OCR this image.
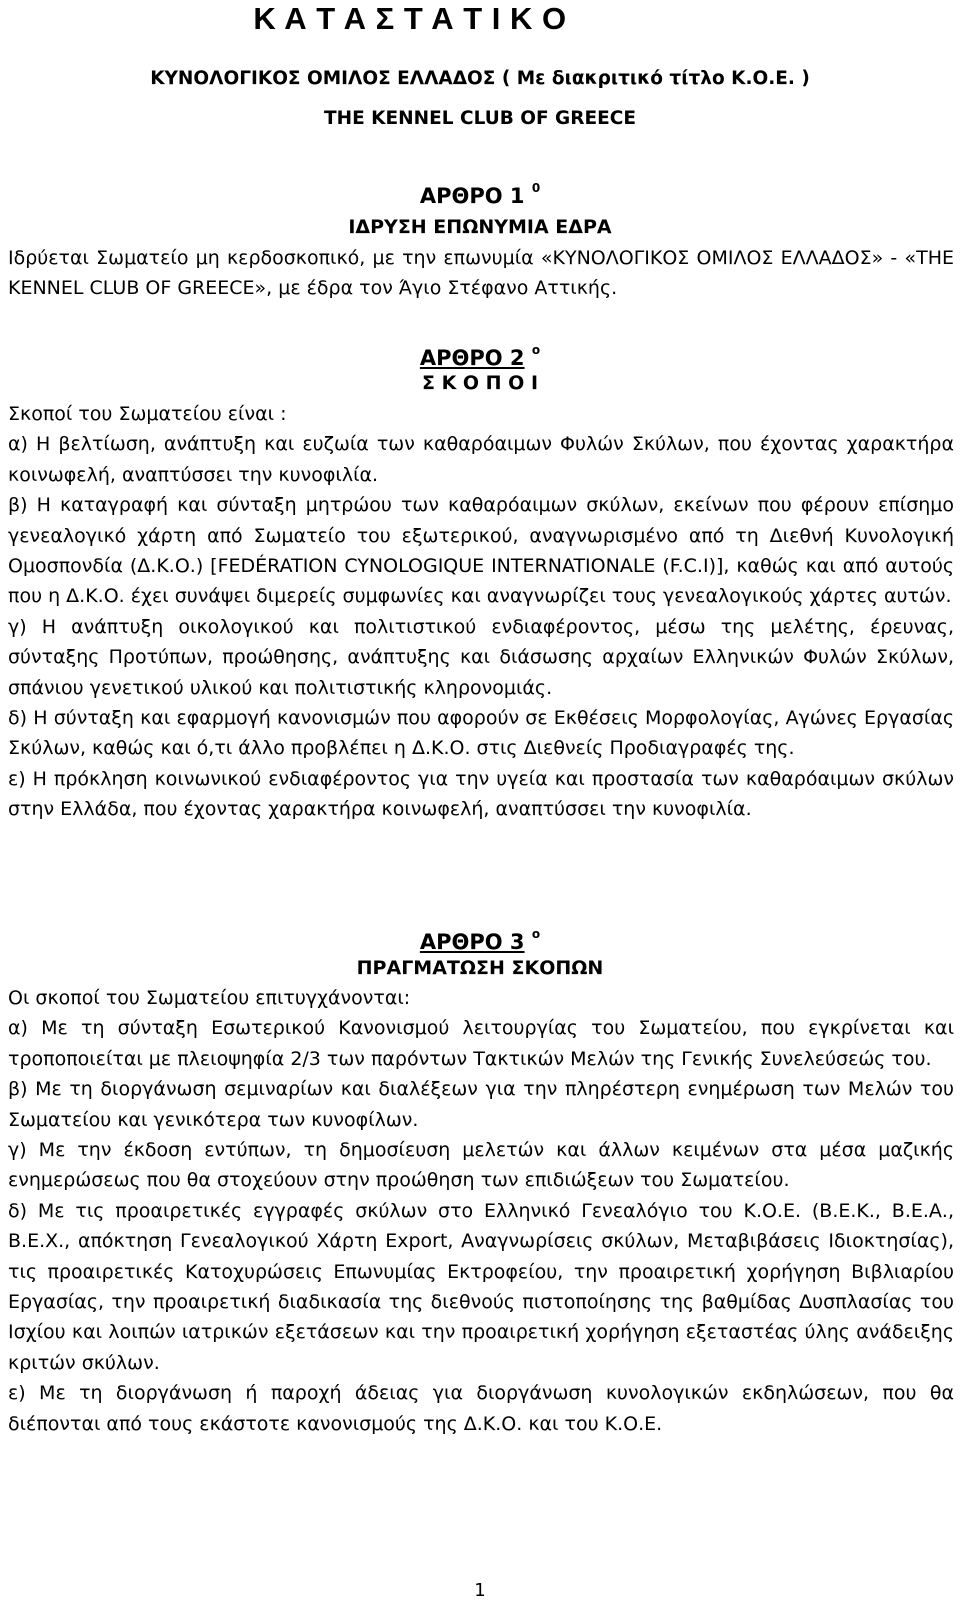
Κ Α Τ Α Σ Τ Α Τ Ι Κ Ο
ΚΥΝΟΛΟΓΙΚΟΣ ΟΜΙΛΟΣ ΕΛΛΑΔΟΣ ( Με διακριτικό τίτλο Κ.Ο.Ε. )
THE KENNEL CLUB OF GREECE
ΑΡΘΡΟ 1 $^0$
ΙΔΡΥΣΗ ΕΠΩΝΥΜΙΑ ΕΔΡΑ

Ιδρύεται Σωματείο μη κερδοσκοπικό, με την επωνυμία «ΚΥΝΟΛΟΓΙΚΟΣ ΟΜΙΛΟΣ ΕΛΛΑΔΟΣ» - «THE KENNEL CLUB OF GREECE», με έδρα τον Άγιο Στέφανο Αττικής.

ΑΡΘΡΟ 2 $^o$
Σ Κ Ο Π Ο Ι

Σκοποί του Σωματείου είναι :

α) Η βελτίωση, ανάπτυξη και ευζωία των καθαρόαιμων Φυλών Σκύλων, που έχοντας χαρακτήρα κοινωφελή, αναπτύσσει την κυνοφιλία.

β) Η καταγραφή και σύνταξη μητρώου των καθαρόαιμων σκύλων, εκείνων που φέρουν επίσημο γενεαλογικό χάρτη από Σωματείο του εξωτερικού, αναγνωρισμένο από τη Διεθνή Κυνολογική Ομοσπονδία (Δ.Κ.Ο.) [FEDÉRATION CYNOLOGIQUE INTERNATIONALE (F.C.I)], καθώς και από αυτούς που η Δ.Κ.Ο. έχει συνάψει διμερείς συμφωνίες και αναγνωρίζει τους γενεαλογικούς χάρτες αυτών.

γ) Η ανάπτυξη οικολογικού και πολιτιστικού ενδιαφέροντος, μέσω της μελέτης, έρευνας, σύνταξης Προτύπων, προώθησης, ανάπτυξης και διάσωσης αρχαίων Ελληνικών Φυλών Σκύλων, σπάνιου γενετικού υλικού και πολιτιστικής κληρονομιάς.

δ) Η σύνταξη και εφαρμογή κανονισμών που αφορούν σε Εκθέσεις Μορφολογίας, Αγώνες Εργασίας Σκύλων, καθώς και ό,τι άλλο προβλέπει η Δ.Κ.Ο. στις Διεθνείς Προδιαγραφές της.

ε) Η πρόκληση κοινωνικού ενδιαφέροντος για την υγεία και προστασία των καθαρόαιμων σκύλων στην Ελλάδα, που έχοντας χαρακτήρα κοινωφελή, αναπτύσσει την κυνοφιλία.

ΑΡΘΡΟ 3 $^o$
ΠΡΑΓΜΑΤΩΣΗ ΣΚΟΠΩΝ

Οι σκοποί του Σωματείου επιτυγχάνονται:

α) Με τη σύνταξη Εσωτερικού Κανονισμού λειτουργίας του Σωματείου, που εγκρίνεται και τροποποιείται με πλειοψηφία 2/3 των παρόντων Τακτικών Μελών της Γενικής Συνελεύσεώς του.

β) Με τη διοργάνωση σεμιναρίων και διαλέξεων για την πληρέστερη ενημέρωση των Μελών του Σωματείου και γενικότερα των κυνοφίλων.

γ) Με την έκδοση εντύπων, τη δημοσίευση μελετών και άλλων κειμένων στα μέσα μαζικής ενημερώσεως που θα στοχεύουν στην προώθηση των επιδιώξεων του Σωματείου.

δ) Με τις προαιρετικές εγγραφές σκύλων στο Ελληνικό Γενεαλόγιο του Κ.Ο.Ε. (Β.Ε.Κ., Β.Ε.Α., Β.Ε.Χ., απόκτηση Γενεαλογικού Χάρτη Export, Αναγνωρίσεις σκύλων, Μεταβιβάσεις Ιδιοκτησίας), τις προαιρετικές Κατοχυρώσεις Επωνυμίας Εκτροφείου, την προαιρετική χορήγηση Βιβλιαρίου Εργασίας, την προαιρετική διαδικασία της διεθνούς πιστοποίησης της βαθμίδας Δυσπλασίας του Ισχίου και λοιπών ιατρικών εξετάσεων και την προαιρετική χορήγηση εξεταστέας ύλης ανάδειξης κριτών σκύλων.

ε) Με τη διοργάνωση ή παροχή άδειας για διοργάνωση κυνολογικών εκδηλώσεων, που θα διέπονται από τους εκάστοτε κανονισμούς της Δ.Κ.Ο. και του Κ.Ο.Ε.

1
